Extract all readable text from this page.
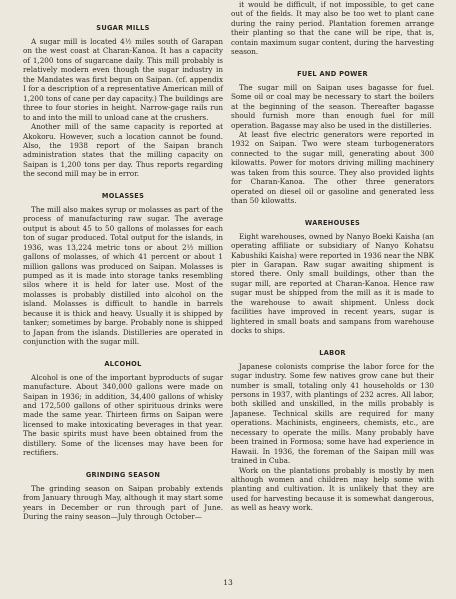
SUGAR MILLS

A sugar mill is located 4½ miles south of Garapan on the west coast at Charan-Kanoa. It has a capacity of 1,200 tons of sugarcane daily. This mill probably is relatively modern even though the sugar industry in the Mandates was first begun on Saipan. (cf. appendix I for a description of a representative American mill of 1,200 tons of cane per day capacity.) The buildings are three to four stories in height. Narrow-gage rails run to and into the mill to unload cane at the crushers.

Another mill of the same capacity is reported at Akokoru. However, such a location cannot be found. Also, the 1938 report of the Saipan branch administration states that the milling capacity on Saipan is 1,200 tons per day. Thus reports regarding the second mill may be in error.

MOLASSES

The mill also makes syrup or molasses as part of the process of manufacturing raw sugar. The average output is about 45 to 50 gallons of molasses for each ton of sugar produced. Total output for the islands, in 1936, was 13,224 metric tons or about 2½ million gallons of molasses, of which 41 percent or about 1 million gallons was produced on Saipan. Molasses is pumped as it is made into storage tanks resembling silos where it is held for later use. Most of the molasses is probably distilled into alcohol on the island. Molasses is difficult to handle in barrels because it is thick and heavy. Usually it is shipped by tanker; sometimes by barge. Probably none is shipped to Japan from the islands. Distilleries are operated in conjunction with the sugar mill.

ALCOHOL

Alcohol is one of the important byproducts of sugar manufacture. About 340,000 gallons were made on Saipan in 1936; in addition, 34,400 gallons of whisky and 172,500 gallons of other spirituous drinks were made the same year. Thirteen firms on Saipan were licensed to make intoxicating beverages in that year. The basic spirits must have been obtained from the distillery. Some of the licenses may have been for rectifiers.

GRINDING SEASON

The grinding season on Saipan probably extends from January through May, although it may start some years in December or run through part of June. During the rainy season—July through October—

it would be difficult, if not impossible, to get cane out of the fields. It may also be too wet to plant cane during the rainy period. Plantation foremen arrange their planting so that the cane will be ripe, that is, contain maximum sugar content, during the harvesting season.

FUEL AND POWER

The sugar mill on Saipan uses bagasse for fuel. Some oil or coal may be necessary to start the boilers at the beginning of the season. Thereafter bagasse should furnish more than enough fuel for mill operation. Bagasse may also be used in the distilleries.

At least five electric generators were reported in 1932 on Saipan. Two were steam turbogenerators connected to the sugar mill, generating about 300 kilowatts. Power for motors driving milling machinery was taken from this source. They also provided lights for Charan-Kanoa. The other three generators operated on diesel oil or gasoline and generated less than 50 kilowatts.

WAREHOUSES

Eight warehouses, owned by Nanyo Boeki Kaisha (an operating affiliate or subsidiary of Nanyo Kohatsu Kabushiki Kaisha) were reported in 1936 near the NBK pier in Garapan. Raw sugar awaiting shipment is stored there. Only small buildings, other than the sugar mill, are reported at Charan-Kanoa. Hence raw sugar must be shipped from the mill as it is made to the warehouse to await shipment. Unless dock facilities have improved in recent years, sugar is lightered in small boats and sampans from warehouse docks to ships.

LABOR

Japanese colonists comprise the labor force for the sugar industry. Some few natives grow cane but their number is small, totaling only 41 households or 130 persons in 1937, with plantings of 232 acres. All labor, both skilled and unskilled, in the mills probably is Japanese. Technical skills are required for many operations. Machinists, engineers, chemists, etc., are necessary to operate the mills. Many probably have been trained in Formosa; some have had experience in Hawaii. In 1936, the foreman of the Saipan mill was trained in Cuba.

Work on the plantations probably is mostly by men although women and children may help some with planting and cultivation. It is unlikely that they are used for harvesting because it is somewhat dangerous, as well as heavy work.

13
